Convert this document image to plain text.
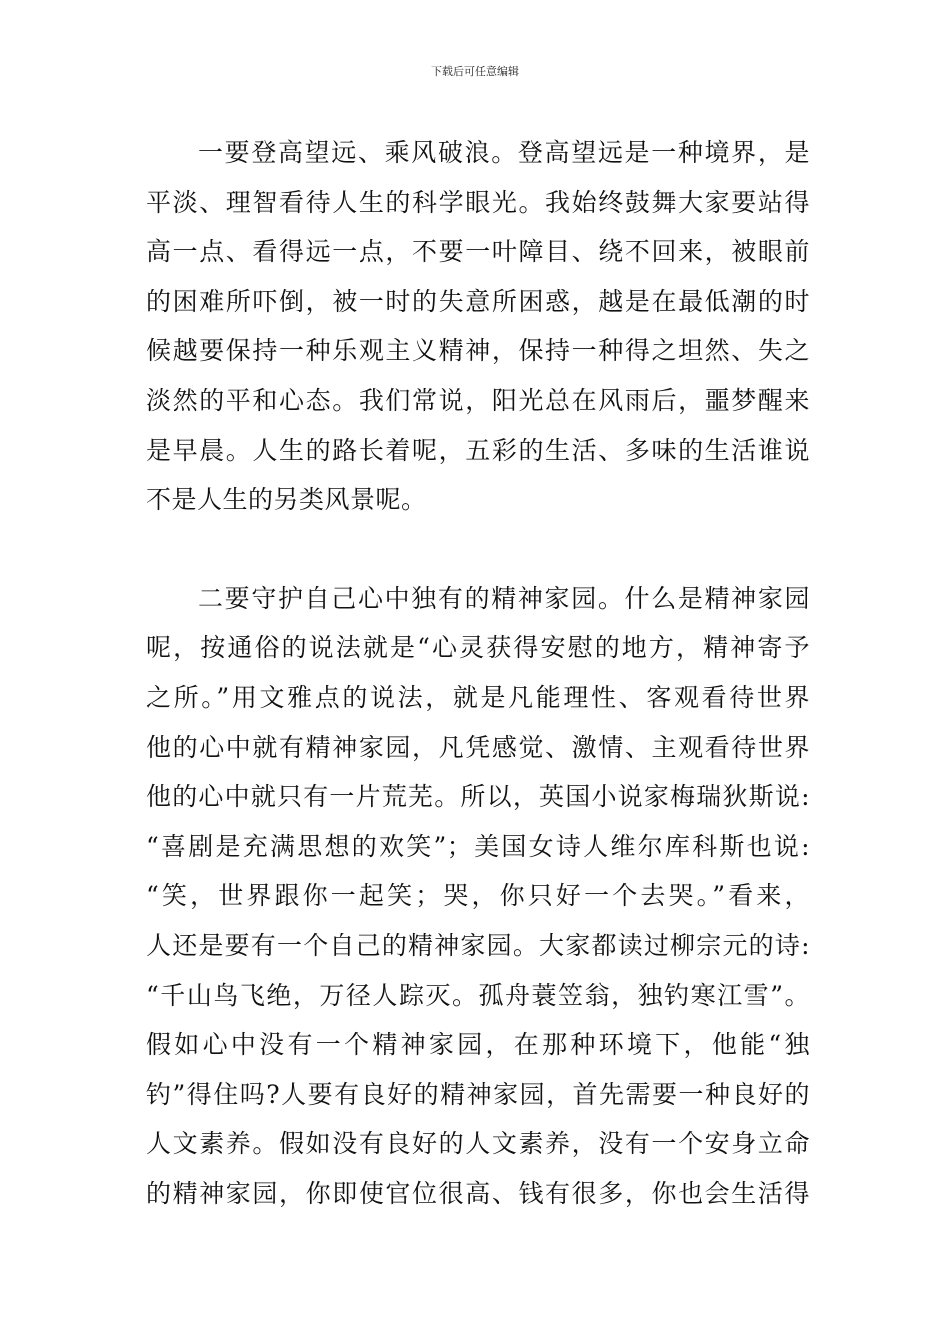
下载后可任意编辑
一要登高望远、乘风破浪。登高望远是一种境界，是
平淡、理智看待人生的科学眼光。我始终鼓舞大家要站得
高一点、看得远一点，不要一叶障目、绕不回来，被眼前
的困难所吓倒，被一时的失意所困惑，越是在最低潮的时
候越要保持一种乐观主义精神，保持一种得之坦然、失之
淡然的平和心态。我们常说，阳光总在风雨后，噩梦醒来
是早晨。人生的路长着呢，五彩的生活、多味的生活谁说
不是人生的另类风景呢。
二要守护自己心中独有的精神家园。什么是精神家园
呢，按通俗的说法就是“心灵获得安慰的地方，精神寄予
之所。”用文雅点的说法，就是凡能理性、客观看待世界
他的心中就有精神家园，凡凭感觉、激情、主观看待世界
他的心中就只有一片荒芜。所以，英国小说家梅瑞狄斯说:
“喜剧是充满思想的欢笑”；美国女诗人维尔库科斯也说:
“笑，世界跟你一起笑；哭，你只好一个去哭。”看来，
人还是要有一个自己的精神家园。大家都读过柳宗元的诗:
“千山鸟飞绝，万径人踪灭。孤舟蓑笠翁，独钓寒江雪”。
假如心中没有一个精神家园，在那种环境下，他能“独
钓”得住吗?人要有良好的精神家园，首先需要一种良好的
人文素养。假如没有良好的人文素养，没有一个安身立命
的精神家园，你即使官位很高、钱有很多，你也会生活得
